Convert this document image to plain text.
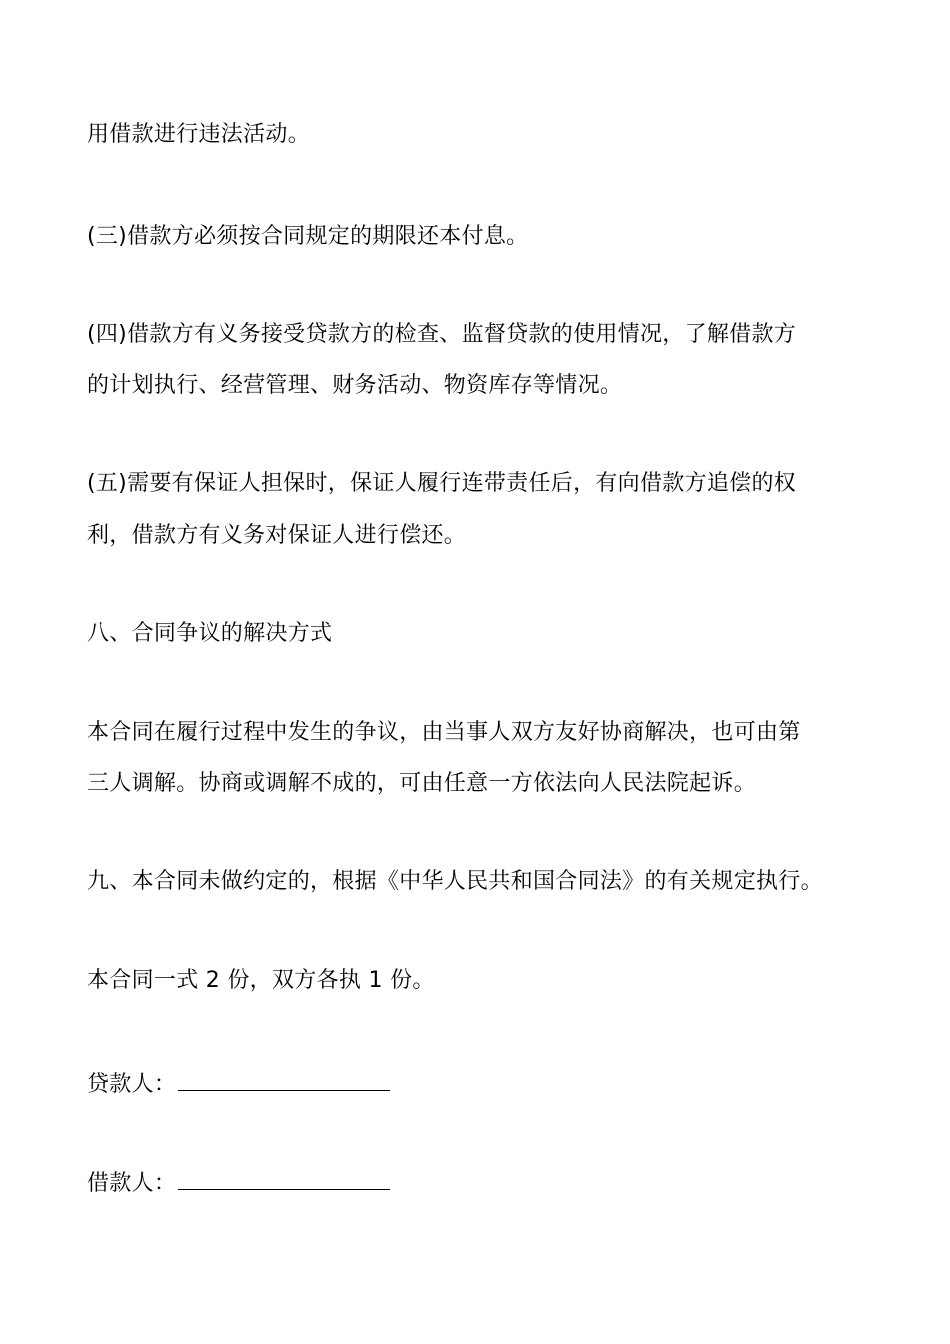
用借款进行违法活动。
(三)借款方必须按合同规定的期限还本付息。
(四)借款方有义务接受贷款方的检查、监督贷款的使用情况，了解借款方
的计划执行、经营管理、财务活动、物资库存等情况。
(五)需要有保证人担保时，保证人履行连带责任后，有向借款方追偿的权
利，借款方有义务对保证人进行偿还。
八、合同争议的解决方式
本合同在履行过程中发生的争议，由当事人双方友好协商解决，也可由第
三人调解。协商或调解不成的，可由任意一方依法向人民法院起诉。
九、本合同未做约定的，根据《中华人民共和国合同法》的有关规定执行。
本合同一式 2 份，双方各执 1 份。
贷款人：
借款人：
